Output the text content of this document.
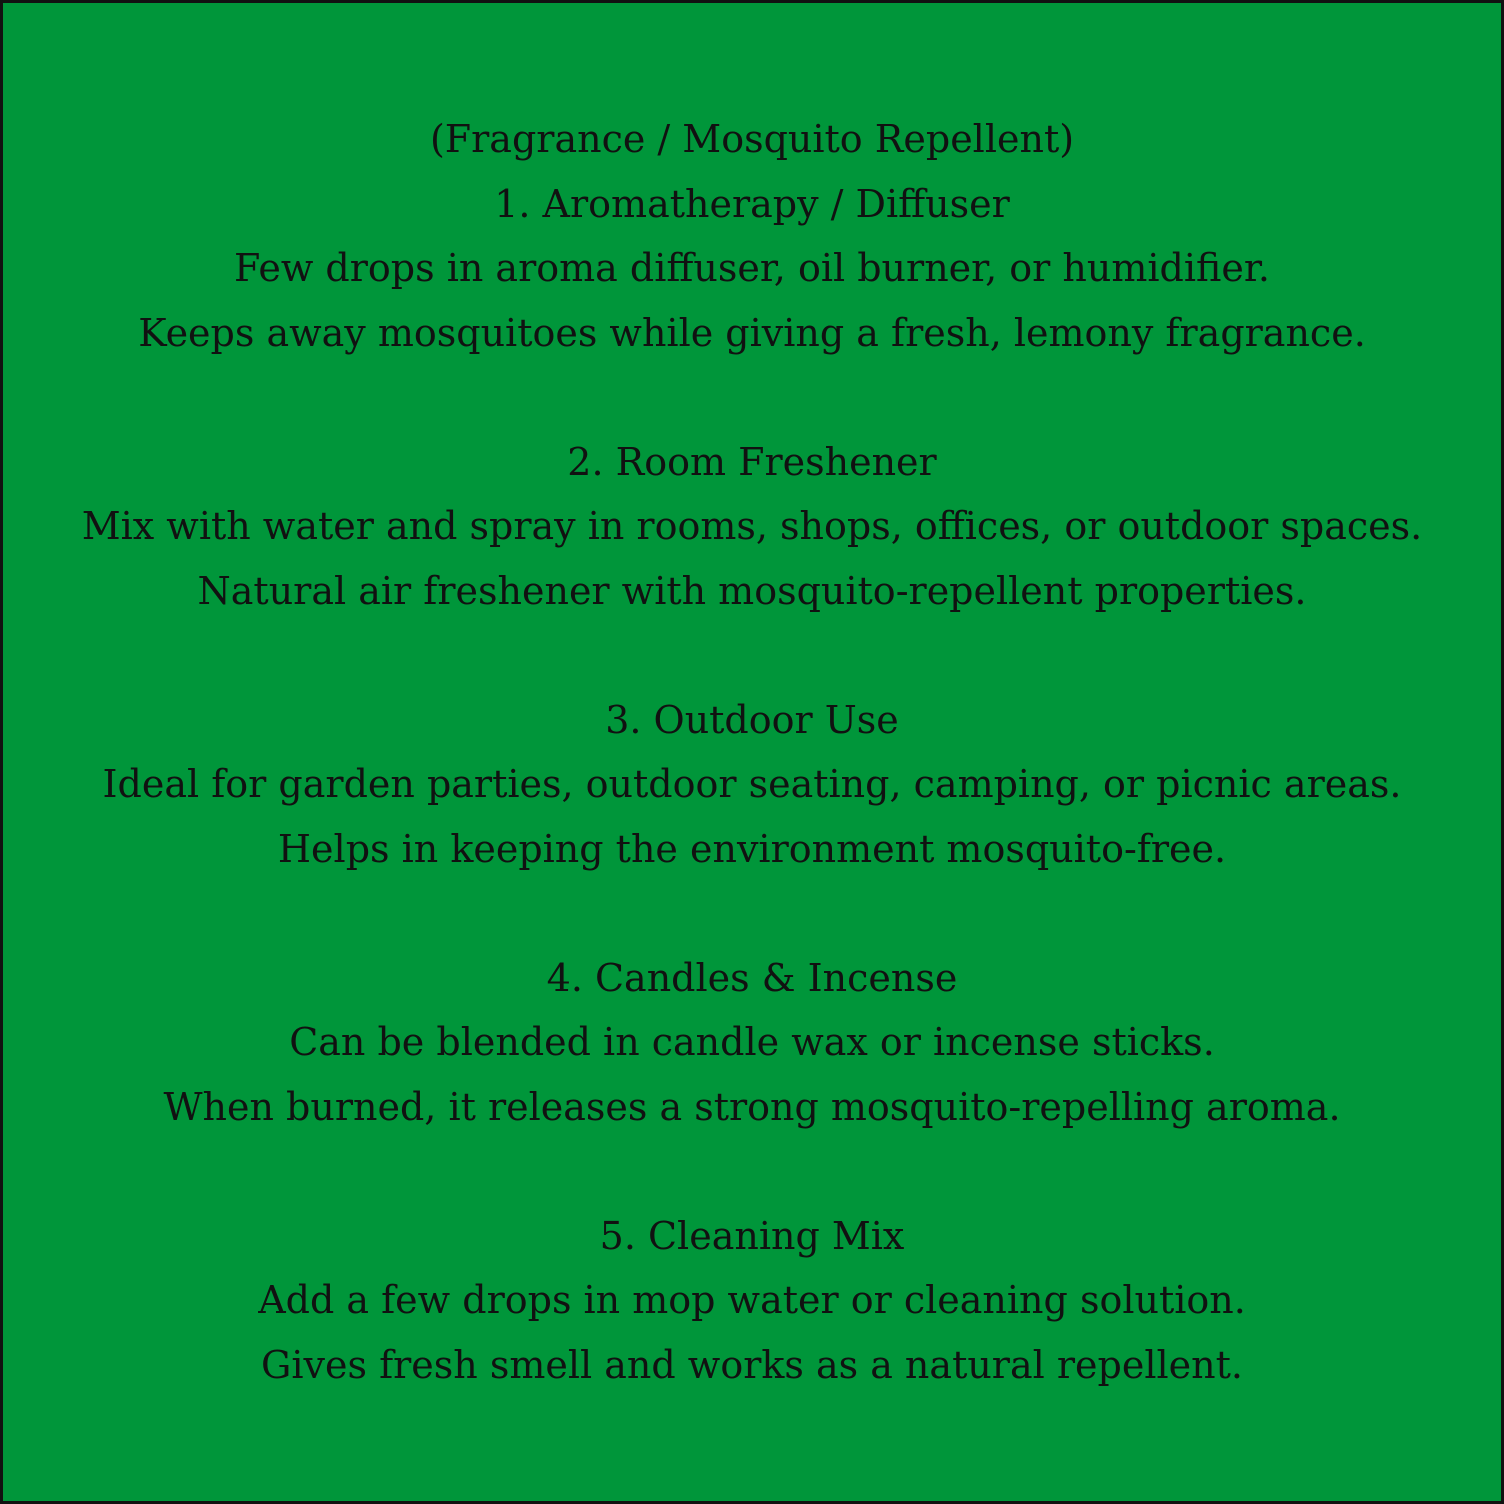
(Fragrance / Mosquito Repellent)
1. Aromatherapy / Diffuser
Few drops in aroma diffuser, oil burner, or humidifier.
Keeps away mosquitoes while giving a fresh, lemony fragrance.
2. Room Freshener
Mix with water and spray in rooms, shops, offices, or outdoor spaces.
Natural air freshener with mosquito-repellent properties.
3. Outdoor Use
Ideal for garden parties, outdoor seating, camping, or picnic areas.
Helps in keeping the environment mosquito-free.
4. Candles & Incense
Can be blended in candle wax or incense sticks.
When burned, it releases a strong mosquito-repelling aroma.
5. Cleaning Mix
Add a few drops in mop water or cleaning solution.
Gives fresh smell and works as a natural repellent.
